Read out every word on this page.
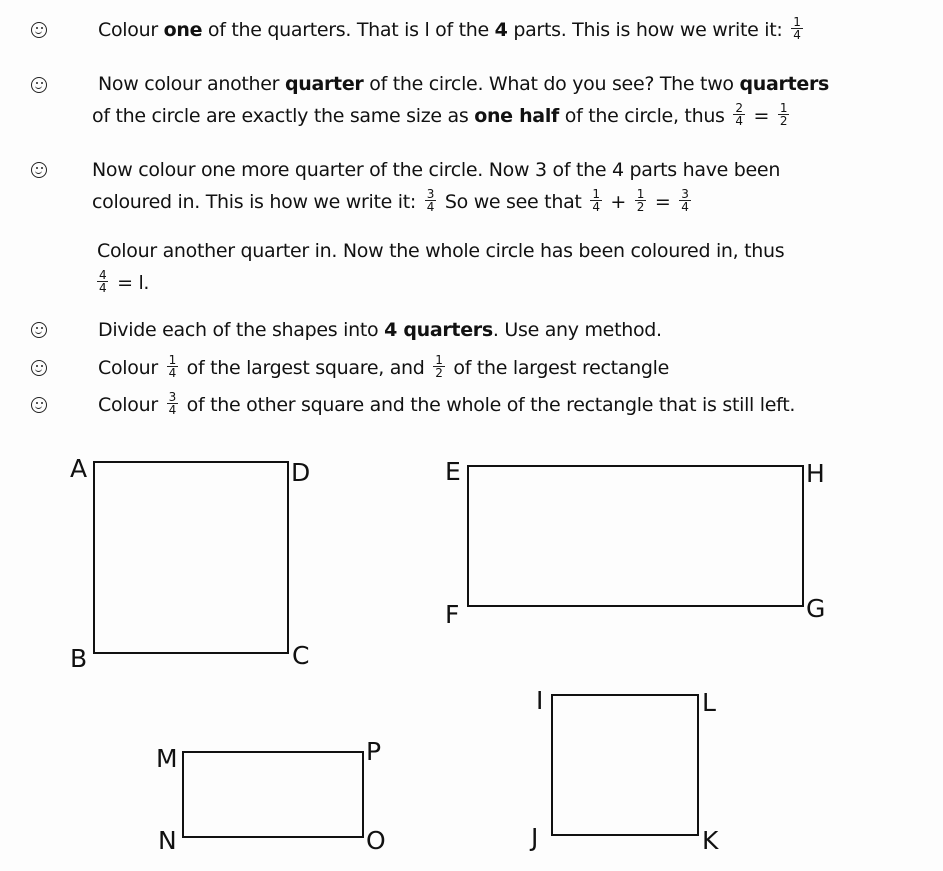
Colour one of the quarters. That is l of the 4 parts. This is how we write it: $\frac{1}{4}$
Now colour another quarter of the circle. What do you see? The two quarters
of the circle are exactly the same size as one half of the circle, thus $\frac{2}{4} = \frac{1}{2}$
Now colour one more quarter of the circle. Now 3 of the 4 parts have been
coloured in. This is how we write it: $\frac{3}{4}$ So we see that $\frac{1}{4} + \frac{1}{2} = \frac{3}{4}$
Colour another quarter in. Now the whole circle has been coloured in, thus
$\frac{4}{4} = l$.
Divide each of the shapes into 4 quarters. Use any method.
Colour $\frac{1}{4}$ of the largest square, and $\frac{1}{2}$ of the largest rectangle
Colour $\frac{3}{4}$ of the other square and the whole of the rectangle that is still left.
A	D
B	C
E	H
F	G
I	L
J	K
M	P
N	O
